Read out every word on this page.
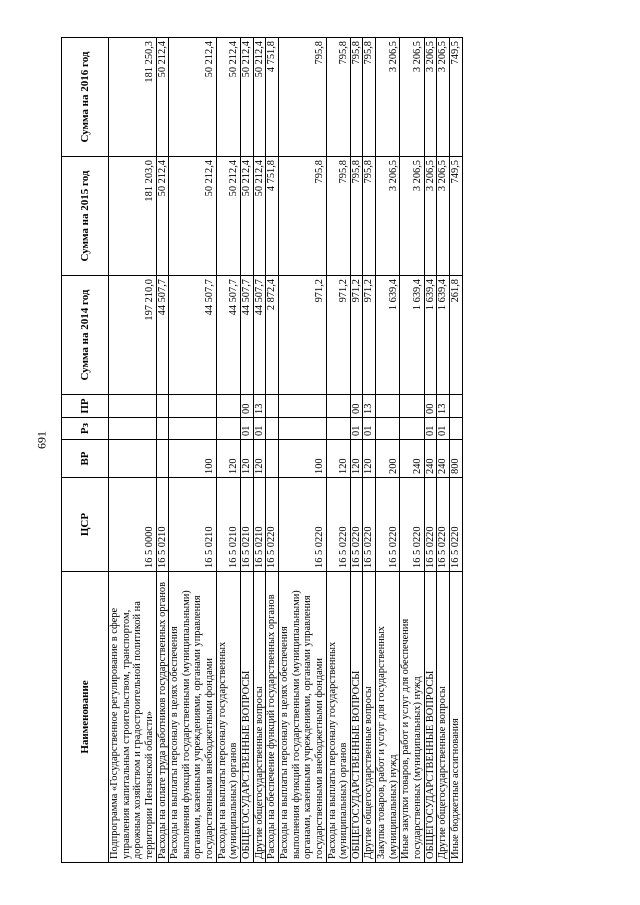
691
Наименование	ЦСР	ВР	Рз	ПР	Сумма на 2014 год	Сумма на 2015 год	Сумма на 2016 год
Подпрограмма «Государственное регулирование в сфере управления капитальным строительством, транспортом, дорожным хозяйством и градостроительной политикой на территории Пензенской области»	16 5 0000				197 210,0	181 203,0	181 250,3
Расходы на оплате труда работников государственных органов	16 5 0210				44 507,7	50 212,4	50 212,4
Расходы на выплаты персоналу в целях обеспечения выполнения функций государственными (муниципальными) органами, казенными учреждениями, органами управления государственными внебюджетными фондами	16 5 0210	100			44 507,7	50 212,4	50 212,4
Расходы на выплаты персоналу государственных (муниципальных) органов	16 5 0210	120			44 507,7	50 212,4	50 212,4
ОБЩЕГОСУДАРСТВЕННЫЕ ВОПРОСЫ	16 5 0210	120	01	00	44 507,7	50 212,4	50 212,4
Другие общегосударственные вопросы	16 5 0210	120	01	13	44 507,7	50 212,4	50 212,4
Расходы на обеспечение функций государственных органов	16 5 0220				2 872,4	4 751,8	4 751,8
Расходы на выплаты персоналу в целях обеспечения выполнения функций государственными (муниципальными) органами, казенными учреждениями, органами управления государственными внебюджетными фондами	16 5 0220	100			971,2	795,8	795,8
Расходы на выплаты персоналу государственных (муниципальных) органов	16 5 0220	120			971,2	795,8	795,8
ОБЩЕГОСУДАРСТВЕННЫЕ ВОПРОСЫ	16 5 0220	120	01	00	971,2	795,8	795,8
Другие общегосударственные вопросы	16 5 0220	120	01	13	971,2	795,8	795,8
Закупка товаров, работ и услуг для государственных (муниципальных) нужд	16 5 0220	200			1 639,4	3 206,5	3 206,5
Иные закупки товаров, работ и услуг для обеспечения государственных (муниципальных) нужд	16 5 0220	240			1 639,4	3 206,5	3 206,5
ОБЩЕГОСУДАРСТВЕННЫЕ ВОПРОСЫ	16 5 0220	240	01	00	1 639,4	3 206,5	3 206,5
Другие общегосударственные вопросы	16 5 0220	240	01	13	1 639,4	3 206,5	3 206,5
Иные бюджетные ассигнования	16 5 0220	800			261,8	749,5	749,5
